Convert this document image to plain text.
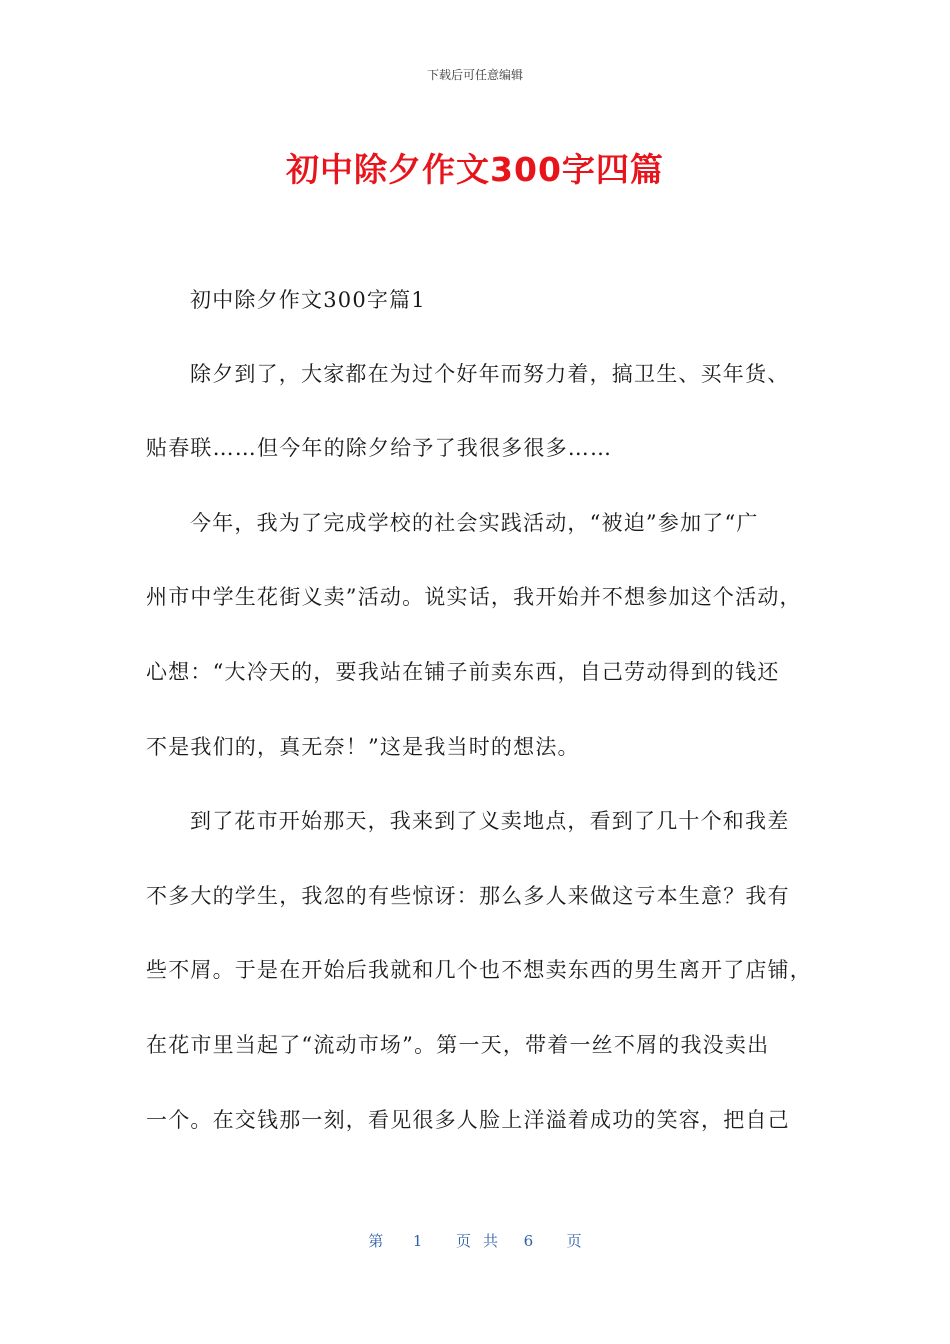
下载后可任意编辑
初中除夕作文300字四篇
初中除夕作文300字篇1
除夕到了，大家都在为过个好年而努力着，搞卫生、买年货、
贴春联……但今年的除夕给予了我很多很多……
今年，我为了完成学校的社会实践活动，“被迫”参加了“广
州市中学生花街义卖”活动。说实话，我开始并不想参加这个活动，
心想：“大冷天的，要我站在铺子前卖东西，自己劳动得到的钱还
不是我们的，真无奈！”这是我当时的想法。
到了花市开始那天，我来到了义卖地点，看到了几十个和我差
不多大的学生，我忽的有些惊讶：那么多人来做这亏本生意？我有
些不屑。于是在开始后我就和几个也不想卖东西的男生离开了店铺，
在花市里当起了“流动市场”。第一天，带着一丝不屑的我没卖出
一个。在交钱那一刻，看见很多人脸上洋溢着成功的笑容，把自己
第 1 页共 6 页
